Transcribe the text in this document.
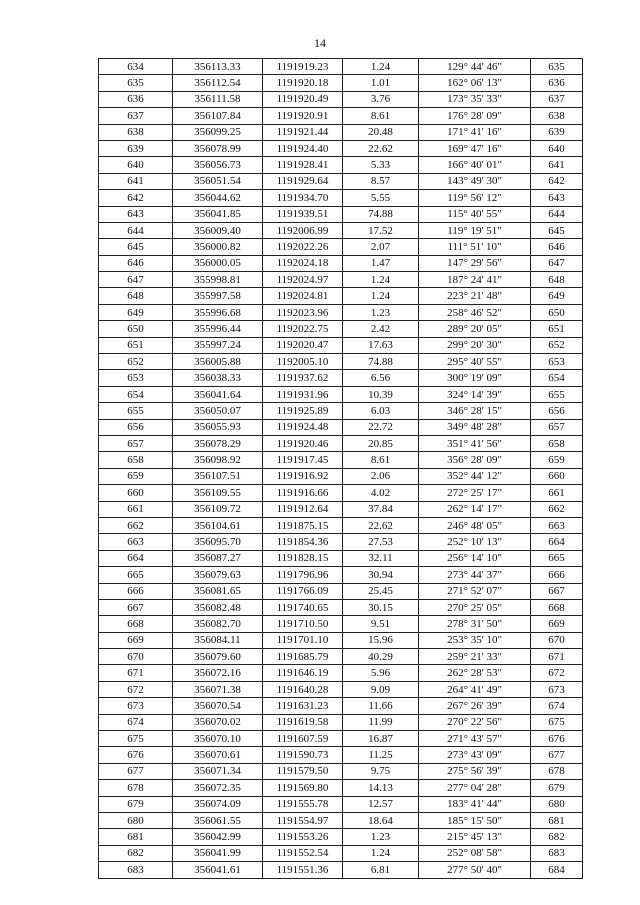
14
634	356113.33	1191919.23	1.24	129° 44' 46"	635
635	356112.54	1191920.18	1.01	162° 06' 13"	636
636	356111.58	1191920.49	3.76	173° 35' 33"	637
637	356107.84	1191920.91	8.61	176° 28' 09"	638
638	356099.25	1191921.44	20.48	171° 41' 16"	639
639	356078.99	1191924.40	22.62	169° 47' 16"	640
640	356056.73	1191928.41	5.33	166° 40' 01"	641
641	356051.54	1191929.64	8.57	143° 49' 30"	642
642	356044.62	1191934.70	5.55	119° 56' 12"	643
643	356041.85	1191939.51	74.88	115° 40' 55"	644
644	356009.40	1192006.99	17.52	119° 19' 51"	645
645	356000.82	1192022.26	2.07	111° 51' 10"	646
646	356000.05	1192024.18	1.47	147° 29' 56"	647
647	355998.81	1192024.97	1.24	187° 24' 41"	648
648	355997.58	1192024.81	1.24	223° 21' 48"	649
649	355996.68	1192023.96	1.23	258° 46' 52"	650
650	355996.44	1192022.75	2.42	289° 20' 05"	651
651	355997.24	1192020.47	17.63	299° 20' 30"	652
652	356005.88	1192005.10	74.88	295° 40' 55"	653
653	356038.33	1191937.62	6.56	300° 19' 09"	654
654	356041.64	1191931.96	10.39	324° 14' 39"	655
655	356050.07	1191925.89	6.03	346° 28' 15"	656
656	356055.93	1191924.48	22.72	349° 48' 28"	657
657	356078.29	1191920.46	20.85	351° 41' 56"	658
658	356098.92	1191917.45	8.61	356° 28' 09"	659
659	356107.51	1191916.92	2.06	352° 44' 12"	660
660	356109.55	1191916.66	4.02	272° 25' 17"	661
661	356109.72	1191912.64	37.84	262° 14' 17"	662
662	356104.61	1191875.15	22.62	246° 48' 05"	663
663	356095.70	1191854.36	27.53	252° 10' 13"	664
664	356087.27	1191828.15	32.11	256° 14' 10"	665
665	356079.63	1191796.96	30.94	273° 44' 37"	666
666	356081.65	1191766.09	25.45	271° 52' 07"	667
667	356082.48	1191740.65	30.15	270° 25' 05"	668
668	356082.70	1191710.50	9.51	278° 31' 50"	669
669	356084.11	1191701.10	15.96	253° 35' 10"	670
670	356079.60	1191685.79	40.29	259° 21' 33"	671
671	356072.16	1191646.19	5.96	262° 28' 53"	672
672	356071.38	1191640.28	9.09	264° 41' 49"	673
673	356070.54	1191631.23	11.66	267° 26' 39"	674
674	356070.02	1191619.58	11.99	270° 22' 56"	675
675	356070.10	1191607.59	16.87	271° 43' 57"	676
676	356070.61	1191590.73	11.25	273° 43' 09"	677
677	356071.34	1191579.50	9.75	275° 56' 39"	678
678	356072.35	1191569.80	14.13	277° 04' 28"	679
679	356074.09	1191555.78	12.57	183° 41' 44"	680
680	356061.55	1191554.97	18.64	185° 15' 50"	681
681	356042.99	1191553.26	1.23	215° 45' 13"	682
682	356041.99	1191552.54	1.24	252° 08' 58"	683
683	356041.61	1191551.36	6.81	277° 50' 40"	684
